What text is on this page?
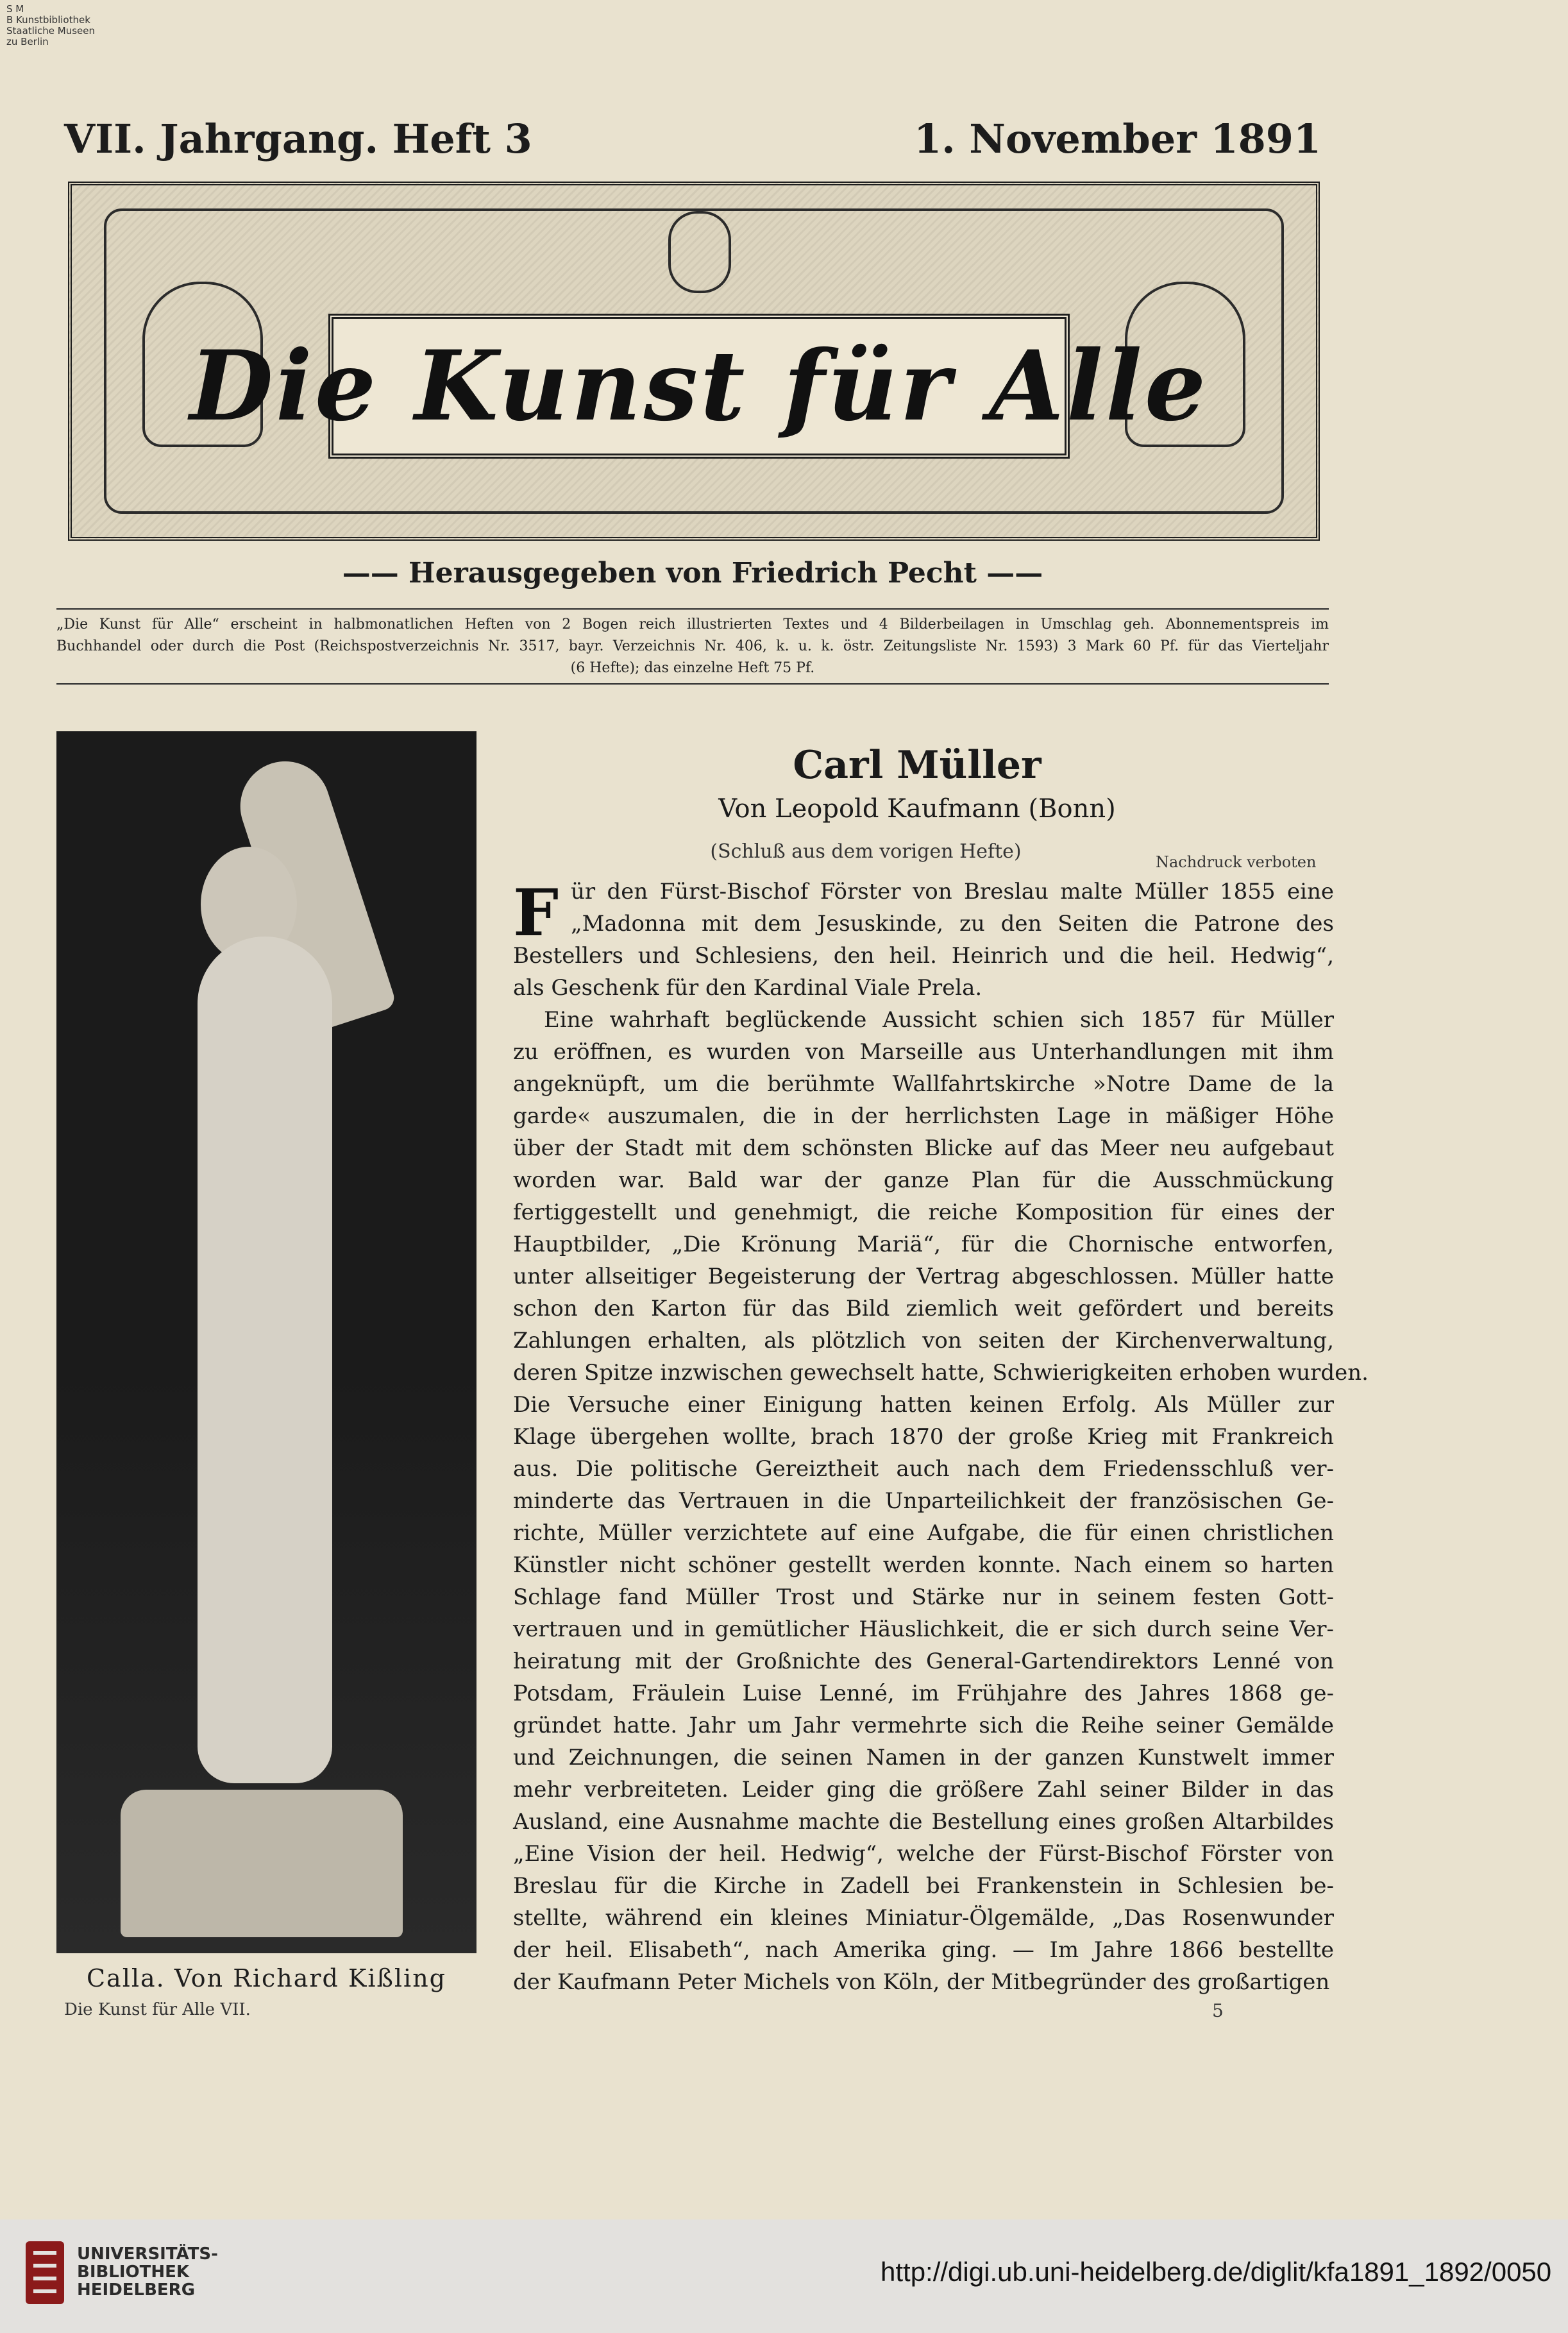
S M
B Kunstbibliothek
Staatliche Museen
zu Berlin
VII. Jahrgang. Heft 3	1. November 1891
Die Kunst für Alle
—— Herausgegeben von Friedrich Pecht ——

„Die Kunst für Alle“ erscheint in halbmonatlichen Heften von 2 Bogen reich illustrierten Textes und 4 Bilderbeilagen in Umschlag geh. Abonnementspreis im

Buchhandel oder durch die Post (Reichspostverzeichnis Nr. 3517, bayr. Verzeichnis Nr. 406, k. u. k. östr. Zeitungsliste Nr. 1593) 3 Mark 60 Pf. für das Vierteljahr

(6 Hefte); das einzelne Heft 75 Pf.

Calla. Von Richard Kißling
Carl Müller
Von Leopold Kaufmann (Bonn)
(Schluß aus dem vorigen Hefte)	Nachdruck verboten
F ür den Fürst-Bischof Förster von Breslau malte Müller 1855 eine
„Madonna mit dem Jesuskinde, zu den Seiten die Patrone des
Bestellers und Schlesiens, den heil. Heinrich und die heil. Hedwig“,
als Geschenk für den Kardinal Viale Prela.
Eine wahrhaft beglückende Aussicht schien sich 1857 für Müller
zu eröffnen, es wurden von Marseille aus Unterhandlungen mit ihm
angeknüpft, um die berühmte Wallfahrtskirche »Notre Dame de la
garde« auszumalen, die in der herrlichsten Lage in mäßiger Höhe
über der Stadt mit dem schönsten Blicke auf das Meer neu aufgebaut
worden war. Bald war der ganze Plan für die Ausschmückung
fertiggestellt und genehmigt, die reiche Komposition für eines der
Hauptbilder, „Die Krönung Mariä“, für die Chornische entworfen,
unter allseitiger Begeisterung der Vertrag abgeschlossen. Müller hatte
schon den Karton für das Bild ziemlich weit gefördert und bereits
Zahlungen erhalten, als plötzlich von seiten der Kirchenverwaltung,
deren Spitze inzwischen gewechselt hatte, Schwierigkeiten erhoben wurden.
Die Versuche einer Einigung hatten keinen Erfolg. Als Müller zur
Klage übergehen wollte, brach 1870 der große Krieg mit Frankreich
aus. Die politische Gereiztheit auch nach dem Friedensschluß ver-
minderte das Vertrauen in die Unparteilichkeit der französischen Ge-
richte, Müller verzichtete auf eine Aufgabe, die für einen christlichen
Künstler nicht schöner gestellt werden konnte. Nach einem so harten
Schlage fand Müller Trost und Stärke nur in seinem festen Gott-
vertrauen und in gemütlicher Häuslichkeit, die er sich durch seine Ver-
heiratung mit der Großnichte des General-Gartendirektors Lenné von
Potsdam, Fräulein Luise Lenné, im Frühjahre des Jahres 1868 ge-
gründet hatte. Jahr um Jahr vermehrte sich die Reihe seiner Gemälde
und Zeichnungen, die seinen Namen in der ganzen Kunstwelt immer
mehr verbreiteten. Leider ging die größere Zahl seiner Bilder in das
Ausland, eine Ausnahme machte die Bestellung eines großen Altarbildes
„Eine Vision der heil. Hedwig“, welche der Fürst-Bischof Förster von
Breslau für die Kirche in Zadell bei Frankenstein in Schlesien be-
stellte, während ein kleines Miniatur-Ölgemälde, „Das Rosenwunder
der heil. Elisabeth“, nach Amerika ging. — Im Jahre 1866 bestellte
der Kaufmann Peter Michels von Köln, der Mitbegründer des großartigen
Die Kunst für Alle VII.	5
UNIVERSITÄTS-
BIBLIOTHEK
HEIDELBERG
http://digi.ub.uni-heidelberg.de/diglit/kfa1891_1892/0050
